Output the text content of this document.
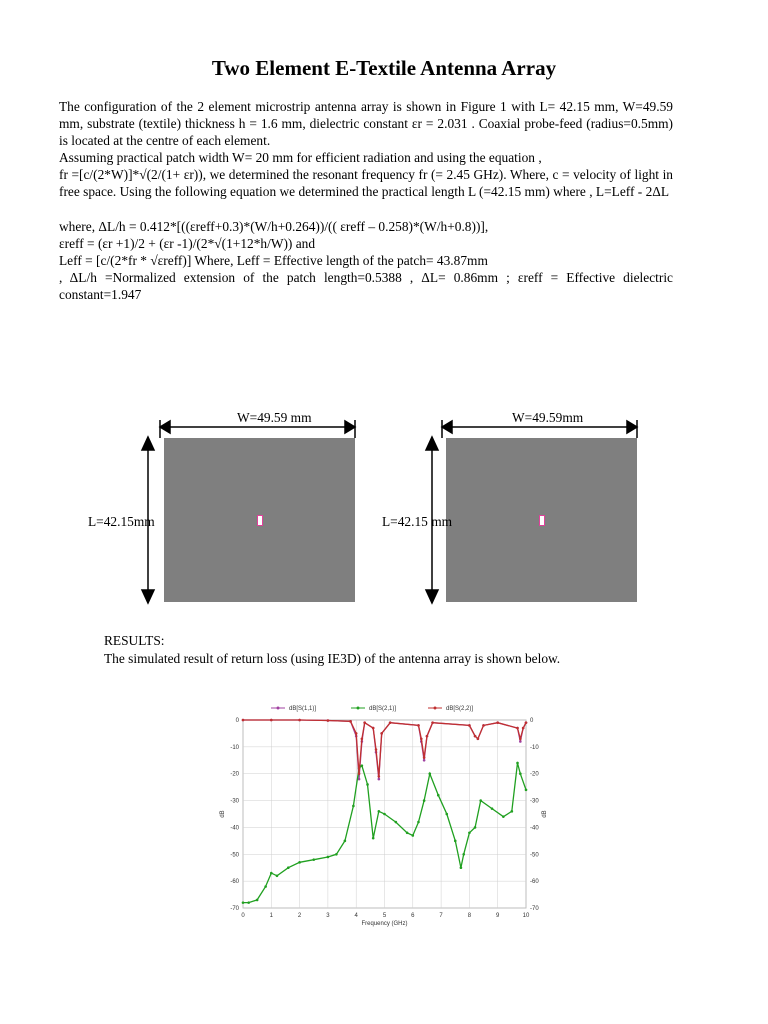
Two Element E-Textile Antenna Array

The configuration of the 2 element microstrip antenna array is shown in Figure 1 with L= 42.15 mm, W=49.59 mm, substrate (textile) thickness h = 1.6 mm, dielectric constant εr = 2.031 . Coaxial probe-feed (radius=0.5mm) is located at the centre of each element.

Assuming practical patch width W= 20 mm for efficient radiation and using the equation ,

fr =[c/(2*W)]*√(2/(1+ εr)), we determined the resonant frequency fr (= 2.45 GHz). Where, c = velocity of light in free space. Using the following equation we determined the practical length L (=42.15 mm) where , L=Leff - 2ΔL

where, ΔL/h = 0.412*[((εreff+0.3)*(W/h+0.264))/(( εreff – 0.258)*(W/h+0.8))],

εreff = (εr +1)/2 + (εr -1)/(2*√(1+12*h/W)) and

Leff = [c/(2*fr * √εreff)] Where, Leff = Effective length of the patch= 43.87mm

, ΔL/h =Normalized extension of the patch length=0.5388 , ΔL= 0.86mm ; εreff = Effective dielectric constant=1.947

W=49.59 mm
L=42.15mm
W=49.59mm
L=42.15 mm

RESULTS:

The simulated result of return loss (using IE3D) of the antenna array is shown below.

0	1	2	3	4	5	6	7	8	9	10
0	0
-10	-10
-20	-20
-30	-30
-40	-40
-50	-50
-60	-60
-70	-70
Frequency (GHz)
dB	dB
dB[S(1,1)]	dB[S(2,1)]	dB[S(2,2)]
